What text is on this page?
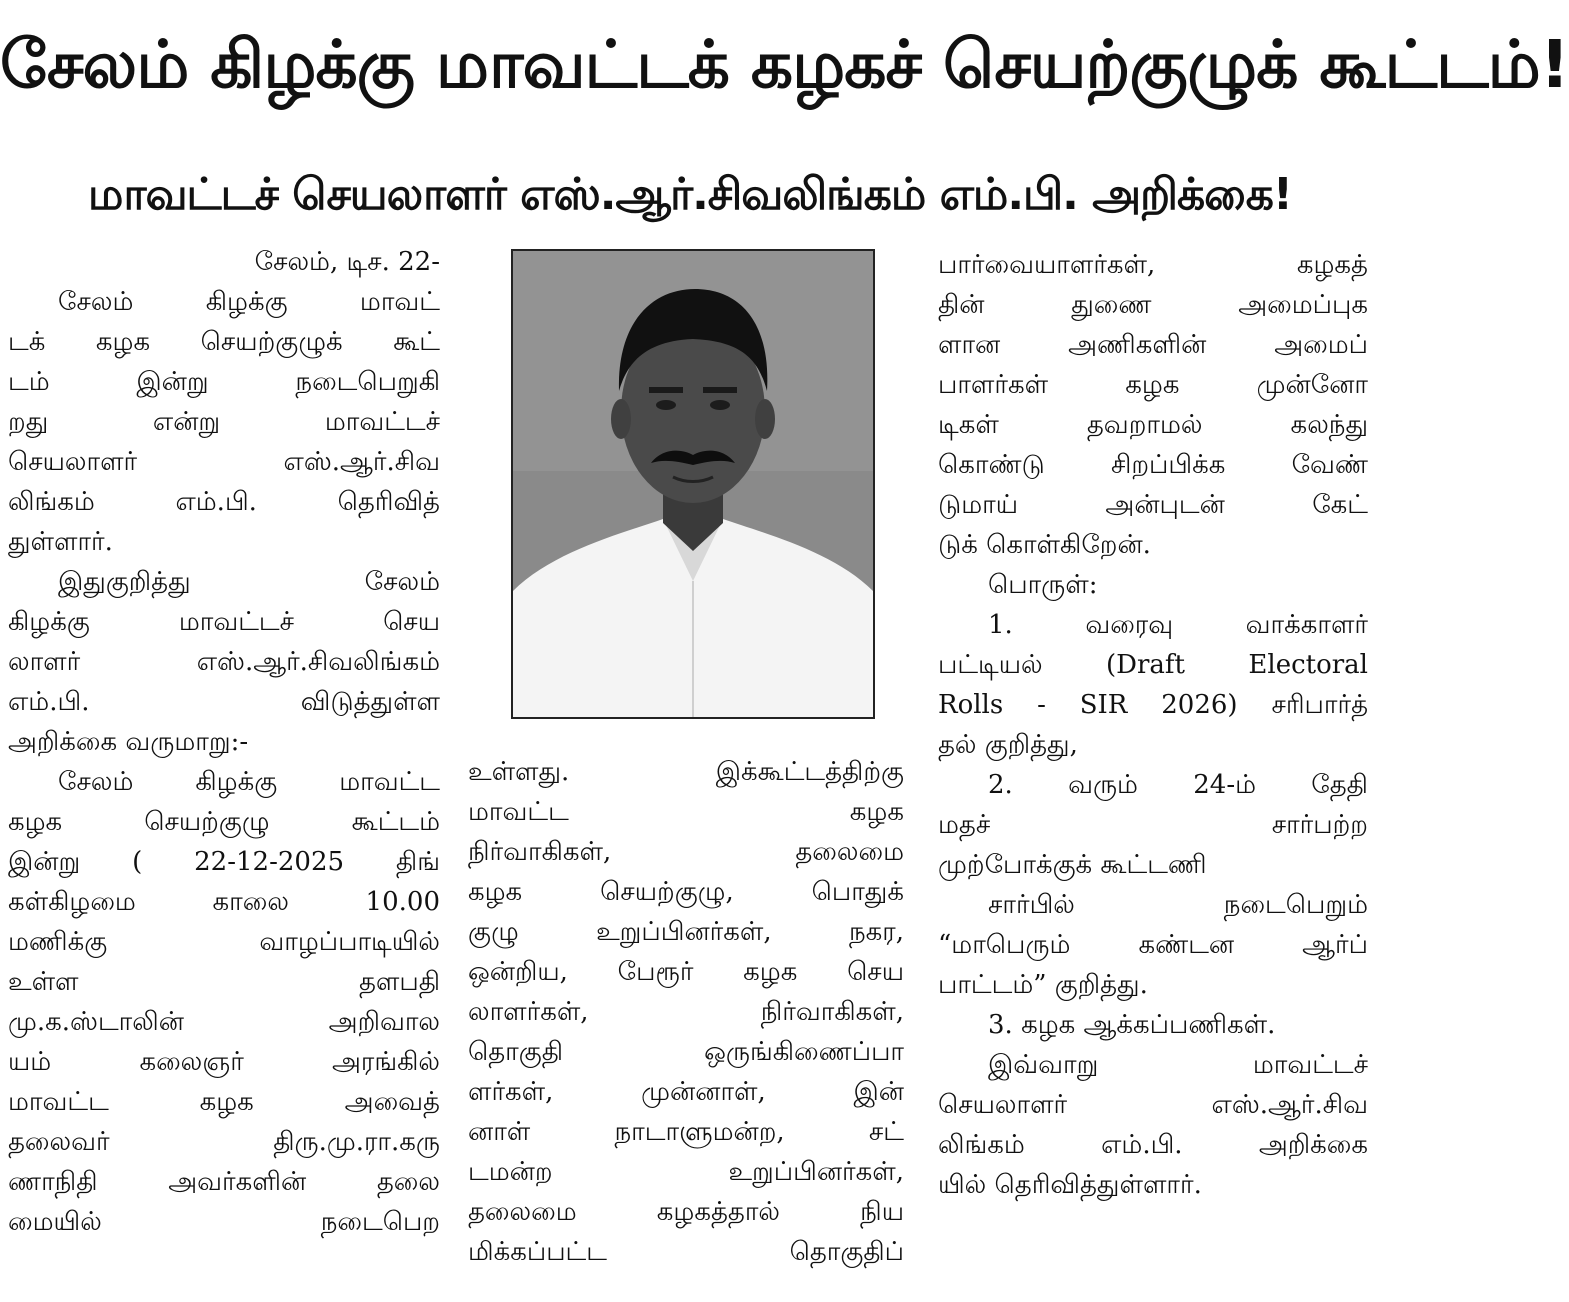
சேலம் கிழக்கு மாவட்டக் கழகச் செயற்குழுக் கூட்டம்!
மாவட்டச் செயலாளர் எஸ்.ஆர்.சிவலிங்கம் எம்.பி. அறிக்கை!
சேலம், டிச. 22-
சேலம் கிழக்கு மாவட்
டக் கழக செயற்குழுக் கூட்
டம் இன்று நடைபெறுகி
றது என்று மாவட்டச்
செயலாளர் எஸ்.ஆர்.சிவ
லிங்கம் எம்.பி. தெரிவித்
துள்ளார்.
இதுகுறித்து சேலம்
கிழக்கு மாவட்டச் செய
லாளர் எஸ்.ஆர்.சிவலிங்கம்
எம்.பி. விடுத்துள்ள
அறிக்கை வருமாறு:-
சேலம் கிழக்கு மாவட்ட
கழக செயற்குழு கூட்டம்
இன்று ( 22-12-2025 திங்
கள்கிழமை காலை 10.00
மணிக்கு வாழப்பாடியில்
உள்ள தளபதி
மு.க.ஸ்டாலின் அறிவால
யம் கலைஞர் அரங்கில்
மாவட்ட கழக அவைத்
தலைவர் திரு.மு.ரா.கரு
ணாநிதி அவர்களின் தலை
மையில் நடைபெற
உள்ளது. இக்கூட்டத்திற்கு
மாவட்ட கழக
நிர்வாகிகள், தலைமை
கழக செயற்குழு, பொதுக்
குழு உறுப்பினர்கள், நகர,
ஒன்றிய, பேரூர் கழக செய
லாளர்கள், நிர்வாகிகள்,
தொகுதி ஒருங்கிணைப்பா
ளர்கள், முன்னாள், இன்
னாள் நாடாளுமன்ற, சட்
டமன்ற உறுப்பினர்கள்,
தலைமை கழகத்தால் நிய
மிக்கப்பட்ட தொகுதிப்
பார்வையாளர்கள், கழகத்
தின் துணை அமைப்புக
ளான அணிகளின் அமைப்
பாளர்கள் கழக முன்னோ
டிகள் தவறாமல் கலந்து
கொண்டு சிறப்பிக்க வேண்
டுமாய் அன்புடன் கேட்
டுக் கொள்கிறேன்.
பொருள்:
1. வரைவு வாக்காளர்
பட்டியல் (Draft Electoral
Rolls - SIR 2026) சரிபார்த்
தல் குறித்து,
2. வரும் 24-ம் தேதி
மதச் சார்பற்ற
முற்போக்குக் கூட்டணி
சார்பில் நடைபெறும்
“மாபெரும் கண்டன ஆர்ப்
பாட்டம்” குறித்து.
3. கழக ஆக்கப்பணிகள்.
இவ்வாறு மாவட்டச்
செயலாளர் எஸ்.ஆர்.சிவ
லிங்கம் எம்.பி. அறிக்கை
யில் தெரிவித்துள்ளார்.
